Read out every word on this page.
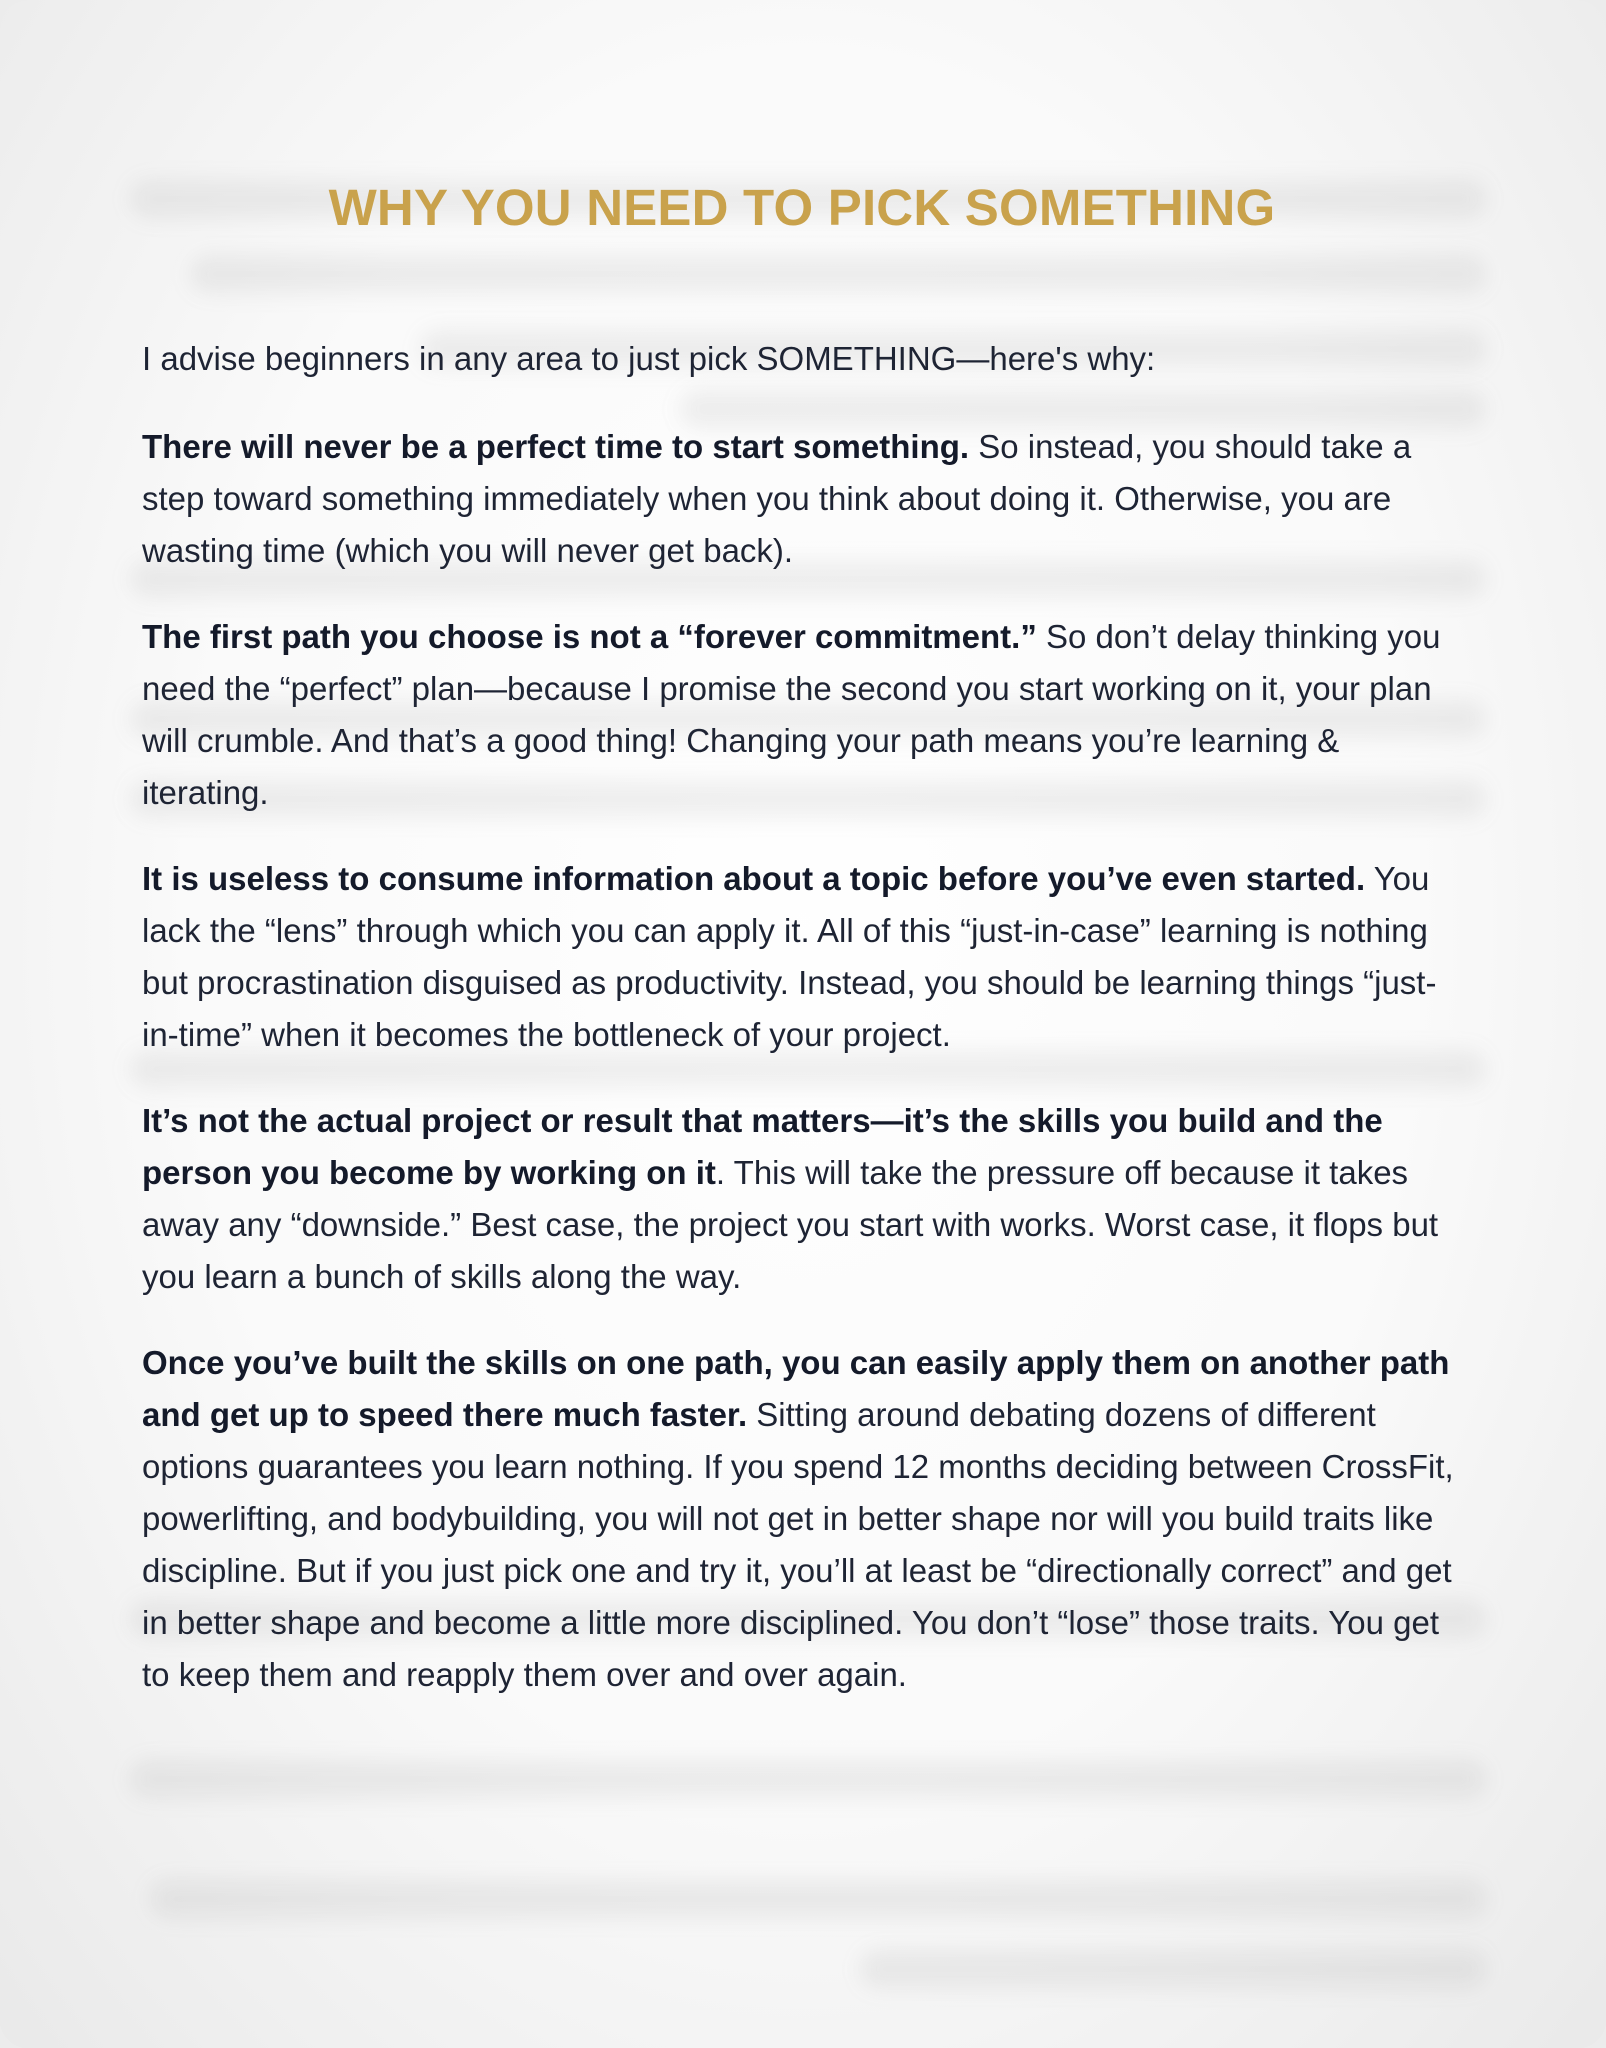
WHY YOU NEED TO PICK SOMETHING

I advise beginners in any area to just pick SOMETHING—here's why:

There will never be a perfect time to start something. So instead, you should take a step toward something immediately when you think about doing it. Otherwise, you are wasting time (which you will never get back).

The first path you choose is not a “forever commitment.” So don’t delay thinking you need the “perfect” plan—because I promise the second you start working on it, your plan will crumble. And that’s a good thing! Changing your path means you’re learning & iterating.

It is useless to consume information about a topic before you’ve even started. You lack the “lens” through which you can apply it. All of this “just-in-case” learning is nothing but procrastination disguised as productivity. Instead, you should be learning things “just-in-time” when it becomes the bottleneck of your project.

It’s not the actual project or result that matters—it’s the skills you build and the person you become by working on it. This will take the pressure off because it takes away any “downside.” Best case, the project you start with works. Worst case, it flops but you learn a bunch of skills along the way.

Once you’ve built the skills on one path, you can easily apply them on another path and get up to speed there much faster. Sitting around debating dozens of different options guarantees you learn nothing. If you spend 12 months deciding between CrossFit, powerlifting, and bodybuilding, you will not get in better shape nor will you build traits like discipline. But if you just pick one and try it, you’ll at least be “directionally correct” and get in better shape and become a little more disciplined. You don’t “lose” those traits. You get to keep them and reapply them over and over again.
